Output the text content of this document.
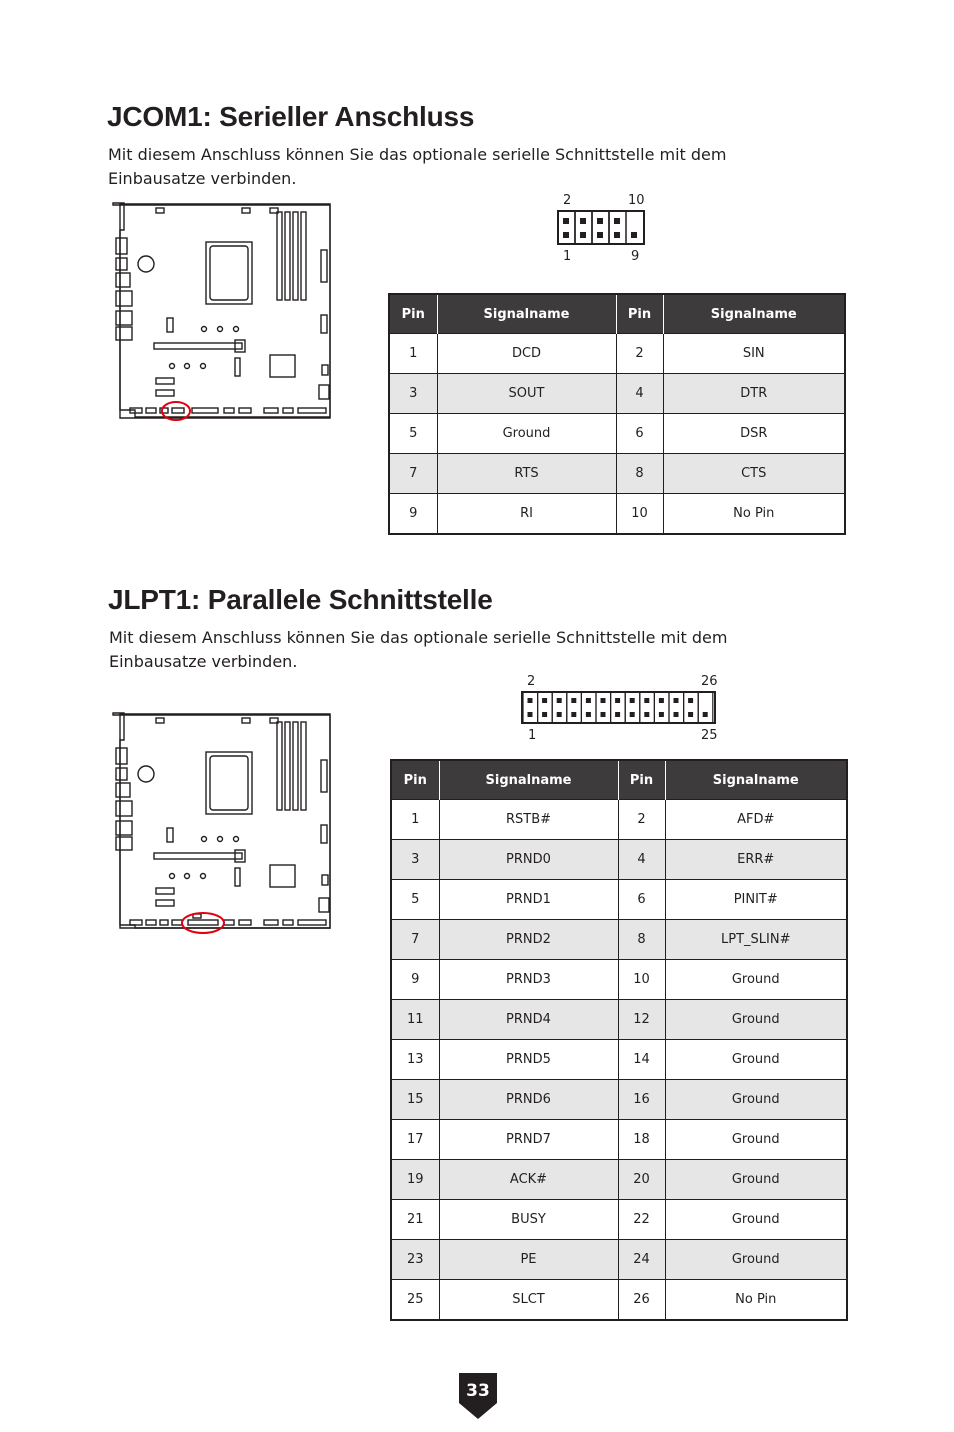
JCOM1: Serieller Anschluss

Mit diesem Anschluss können Sie das optionale serielle Schnittstelle mit dem Einbausatze verbinden.

2	10
1	9
Pin	Signalname	Pin	Signalname
1	DCD	2	SIN
3	SOUT	4	DTR
5	Ground	6	DSR
7	RTS	8	CTS
9	RI	10	No Pin
JLPT1: Parallele Schnittstelle

Mit diesem Anschluss können Sie das optionale serielle Schnittstelle mit dem Einbausatze verbinden.

2	26
1	25
Pin	Signalname	Pin	Signalname
1	RSTB#	2	AFD#
3	PRND0	4	ERR#
5	PRND1	6	PINIT#
7	PRND2	8	LPT_SLIN#
9	PRND3	10	Ground
11	PRND4	12	Ground
13	PRND5	14	Ground
15	PRND6	16	Ground
17	PRND7	18	Ground
19	ACK#	20	Ground
21	BUSY	22	Ground
23	PE	24	Ground
25	SLCT	26	No Pin
33
